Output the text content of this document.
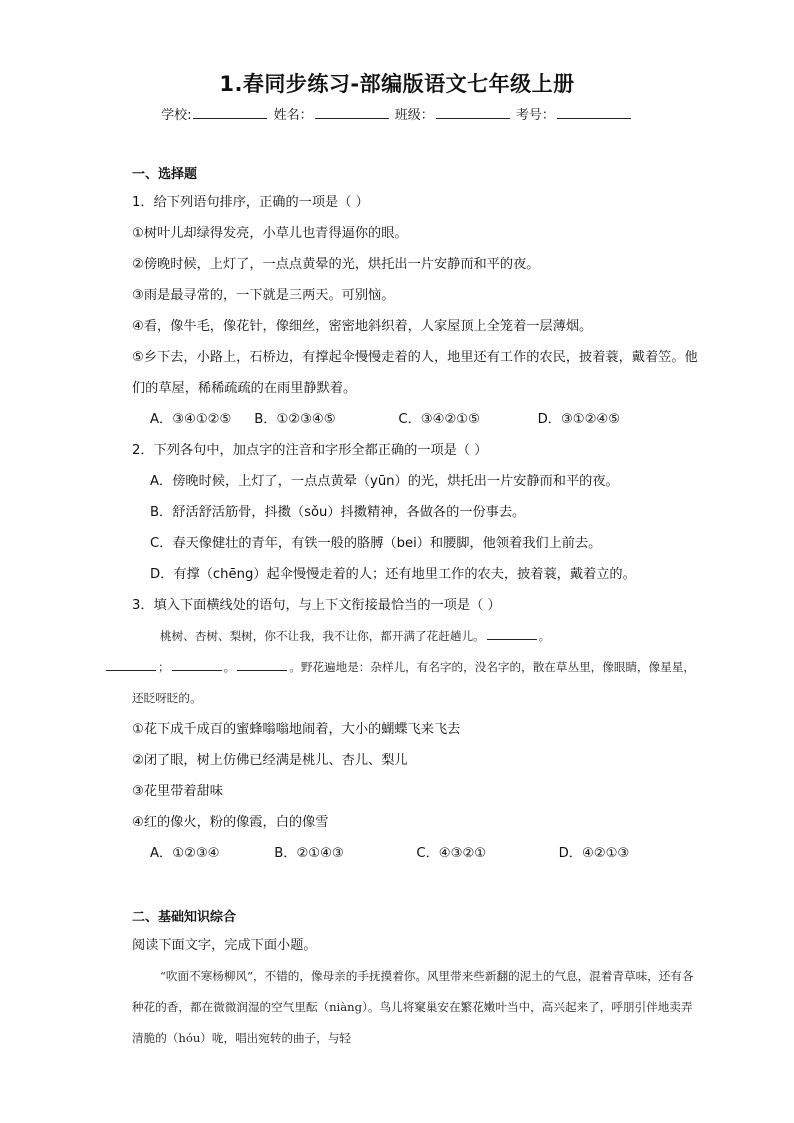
1.春同步练习-部编版语文七年级上册
学校:	姓名：	班级：	考号：
一、选择题
1．给下列语句排序，正确的一项是（ ）
①树叶儿却绿得发亮，小草儿也青得逼你的眼。
②傍晚时候，上灯了，一点点黄晕的光，烘托出一片安静而和平的夜。
③雨是最寻常的，一下就是三两天。可别恼。
④看，像牛毛，像花针，像细丝，密密地斜织着，人家屋顶上全笼着一层薄烟。
⑤乡下去，小路上，石桥边，有撑起伞慢慢走着的人，地里还有工作的农民，披着蓑，戴着笠。他们的草屋，稀稀疏疏的在雨里静默着。
A．③④①②⑤ B．①②③④⑤	C．③④②①⑤	D．③①②④⑤
2．下列各句中，加点字的注音和字形全都正确的一项是（ ）
A．傍晚时候，上灯了，一点点黄晕（yūn）的光，烘托出一片安静而和平的夜。
B．舒活舒活筋骨，抖擞（sǒu）抖擞精神，各做各的一份事去。
C．春天像健壮的青年，有铁一般的胳膊（bei）和腰脚，他领着我们上前去。
D．有撑（chēng）起伞慢慢走着的人；还有地里工作的农夫，披着蓑，戴着立的。
3．填入下面横线处的语句，与上下文衔接最恰当的一项是（ ）
桃树、杏树、梨树，你不让我，我不让你，都开满了花赶趟儿。	。
；	。	。野花遍地是：杂样儿，有名字的，没名字的，散在草丛里，像眼睛，像星星，还眨呀眨的。
①花下成千成百的蜜蜂嗡嗡地闹着，大小的蝴蝶飞来飞去
②闭了眼，树上仿佛已经满是桃儿、杏儿、梨儿
③花里带着甜味
④红的像火，粉的像霞，白的像雪
A．①②③④	B．②①④③	C．④③②①	D．④②①③
二、基础知识综合
阅读下面文字，完成下面小题。
“吹面不寒杨柳风”，不错的，像母亲的手抚摸着你。风里带来些新翻的泥土的气息，混着青草味，还有各种花的香，都在微微润湿的空气里酝（niàng）。鸟儿将窠巢安在繁花嫩叶当中，高兴起来了，呼朋引伴地卖弄清脆的（hóu）咙，唱出宛转的曲子，与轻
